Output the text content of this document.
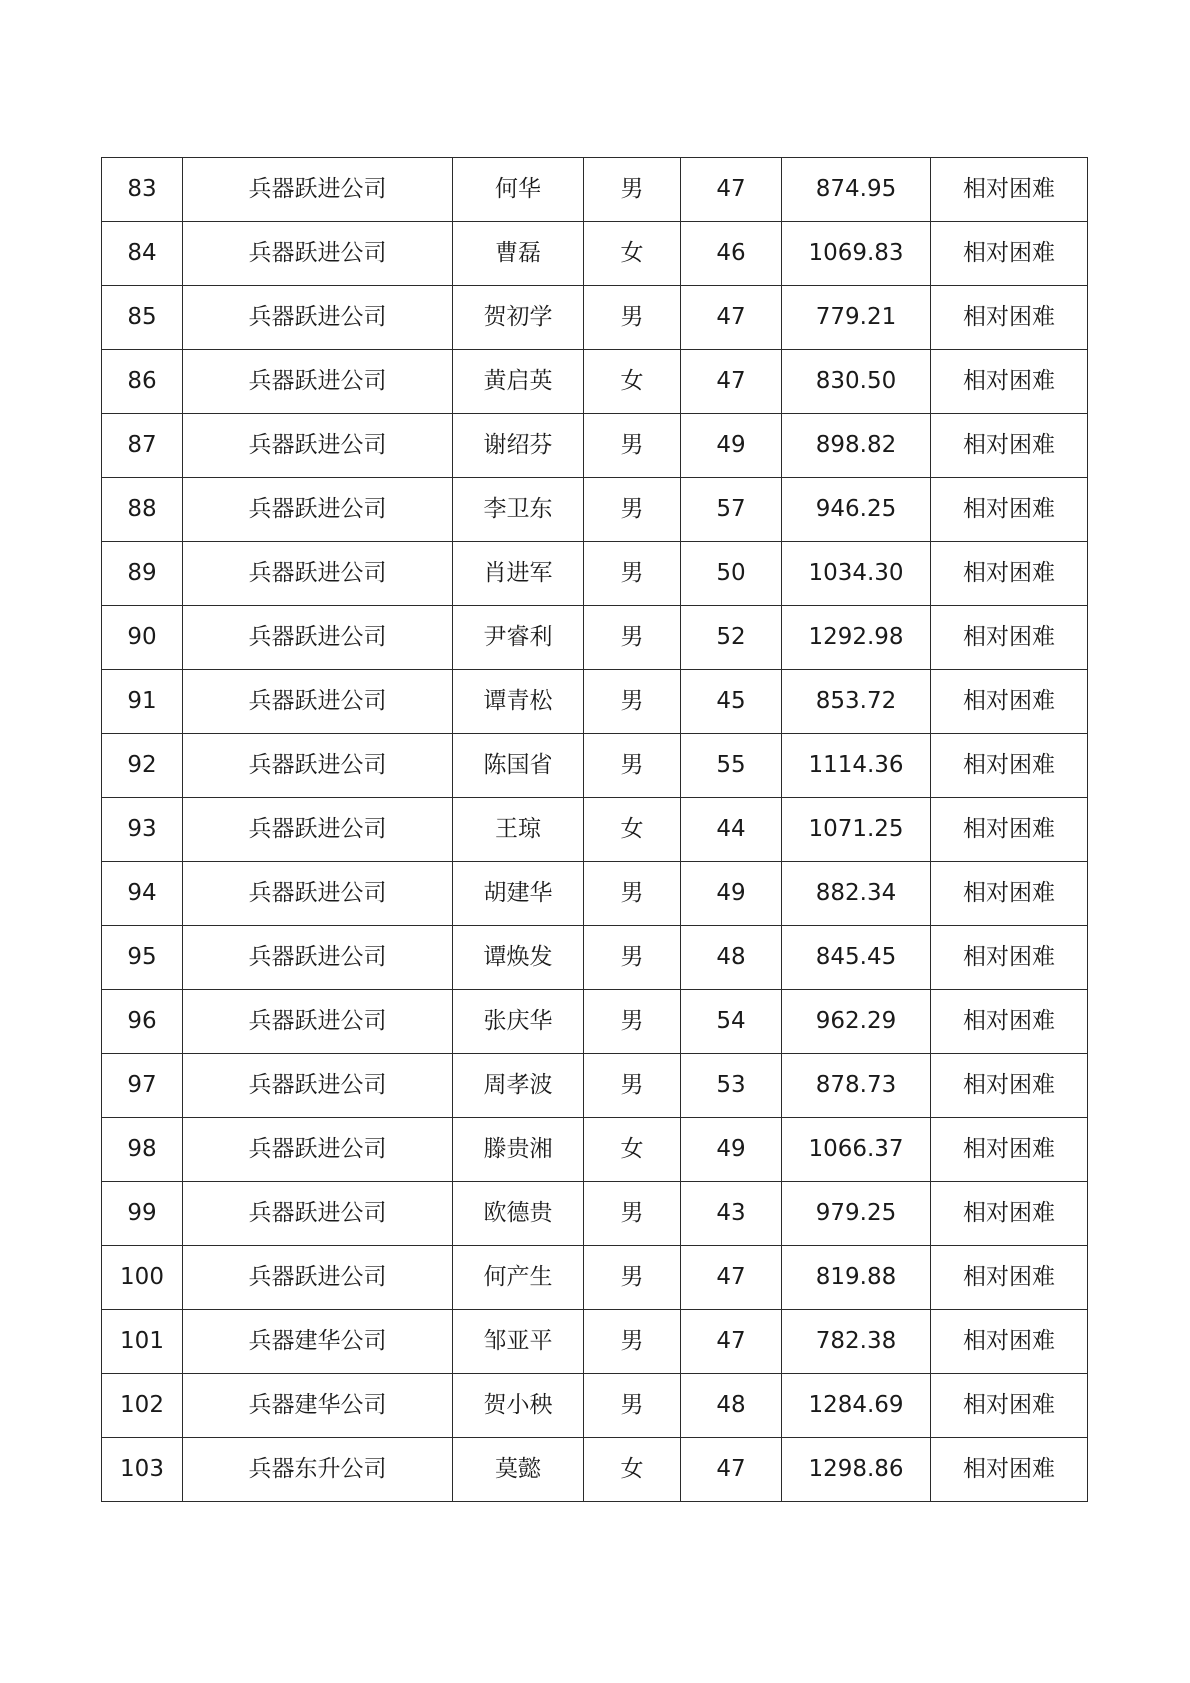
83	兵器跃进公司	何华	男	47	874.95	相对困难
84	兵器跃进公司	曹磊	女	46	1069.83	相对困难
85	兵器跃进公司	贺初学	男	47	779.21	相对困难
86	兵器跃进公司	黄启英	女	47	830.50	相对困难
87	兵器跃进公司	谢绍芬	男	49	898.82	相对困难
88	兵器跃进公司	李卫东	男	57	946.25	相对困难
89	兵器跃进公司	肖进军	男	50	1034.30	相对困难
90	兵器跃进公司	尹睿利	男	52	1292.98	相对困难
91	兵器跃进公司	谭青松	男	45	853.72	相对困难
92	兵器跃进公司	陈国省	男	55	1114.36	相对困难
93	兵器跃进公司	王琼	女	44	1071.25	相对困难
94	兵器跃进公司	胡建华	男	49	882.34	相对困难
95	兵器跃进公司	谭焕发	男	48	845.45	相对困难
96	兵器跃进公司	张庆华	男	54	962.29	相对困难
97	兵器跃进公司	周孝波	男	53	878.73	相对困难
98	兵器跃进公司	滕贵湘	女	49	1066.37	相对困难
99	兵器跃进公司	欧德贵	男	43	979.25	相对困难
100	兵器跃进公司	何产生	男	47	819.88	相对困难
101	兵器建华公司	邹亚平	男	47	782.38	相对困难
102	兵器建华公司	贺小秧	男	48	1284.69	相对困难
103	兵器东升公司	莫懿	女	47	1298.86	相对困难
